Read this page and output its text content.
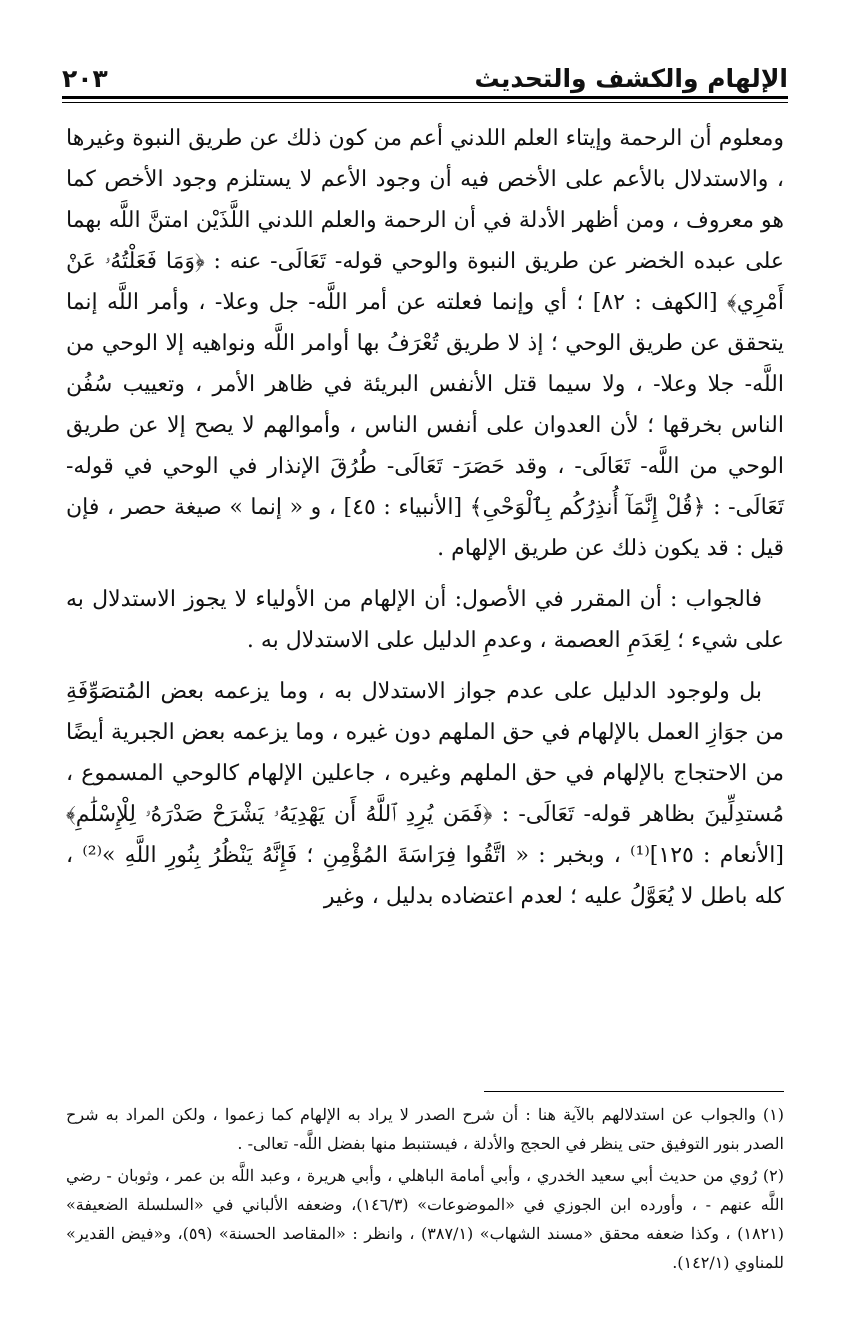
الإلهام والكشف والتحديث
٢٠٣

ومعلوم أن الرحمة وإيتاء العلم اللدني أعم من كون ذلك عن طريق النبوة وغيرها ، والاستدلال بالأعم على الأخص فيه أن وجود الأعم لا يستلزم وجود الأخص كما هو معروف ، ومن أظهر الأدلة في أن الرحمة والعلم اللدني اللَّذَيْن امتنَّ اللَّه بهما على عبده الخضر عن طريق النبوة والوحي قوله- تَعَالَى- عنه : ﴿وَمَا فَعَلْتُهُۥ عَنْ أَمْرِي﴾ [الكهف : ٨٢] ؛ أي وإنما فعلته عن أمر اللَّه- جل وعلا- ، وأمر اللَّه إنما يتحقق عن طريق الوحي ؛ إذ لا طريق تُعْرَفُ بها أوامر اللَّه ونواهيه إلا الوحي من اللَّه- جلا وعلا- ، ولا سيما قتل الأنفس البريئة في ظاهر الأمر ، وتعييب سُفُن الناس بخرقها ؛ لأن العدوان على أنفس الناس ، وأموالهم لا يصح إلا عن طريق الوحي من اللَّه- تَعَالَى- ، وقد حَصَرَ- تَعَالَى- طُرُقَ الإنذار في الوحي في قوله- تَعَالَى- : ﴿قُلْ إِنَّمَآ أُنذِرُكُم بِٱلْوَحْىِ﴾ [الأنبياء : ٤٥] ، و « إنما » صيغة حصر ، فإن قيل : قد يكون ذلك عن طريق الإلهام .

فالجواب : أن المقرر في الأصول: أن الإلهام من الأولياء لا يجوز الاستدلال به على شيء ؛ لِعَدَمِ العصمة ، وعدمِ الدليل على الاستدلال به .

بل ولوجود الدليل على عدم جواز الاستدلال به ، وما يزعمه بعض المُتصَوِّفَةِ من جوَازِ العمل بالإلهام في حق الملهم دون غيره ، وما يزعمه بعض الجبرية أيضًا من الاحتجاج بالإلهام في حق الملهم وغيره ، جاعلين الإلهام كالوحي المسموع ، مُستدِلِّينَ بظاهر قوله- تَعَالَى- : ﴿فَمَن يُرِدِ ٱللَّهُ أَن يَهْدِيَهُۥ يَشْرَحْ صَدْرَهُۥ لِلْإِسْلَٰمِ﴾ [الأنعام : ١٢٥]⁽¹⁾ ، وبخبر : « اتَّقُوا فِرَاسَةَ المُؤْمِنِ ؛ فَإِنَّهُ يَنْظُرُ بِنُورِ اللَّهِ »⁽²⁾ ، كله باطل لا يُعَوَّلُ عليه ؛ لعدم اعتضاده بدليل ، وغير

(١) والجواب عن استدلالهم بالآية هنا : أن شرح الصدر لا يراد به الإلهام كما زعموا ، ولكن المراد به شرح الصدر بنور التوفيق حتى ينظر في الحجج والأدلة ، فيستنبط منها بفضل اللَّه- تعالى- .

(٢) رُوي من حديث أبي سعيد الخدري ، وأبي أمامة الباهلي ، وأبي هريرة ، وعبد اللَّه بن عمر ، وثوبان - رضي اللَّه عنهم - ، وأورده ابن الجوزي في «الموضوعات» (١٤٦/٣)، وضعفه الألباني في «السلسلة الضعيفة» (١٨٢١) ، وكذا ضعفه محقق «مسند الشهاب» (٣٨٧/١) ، وانظر : «المقاصد الحسنة» (٥٩)، و«فيض القدير» للمناوي (١٤٢/١).
